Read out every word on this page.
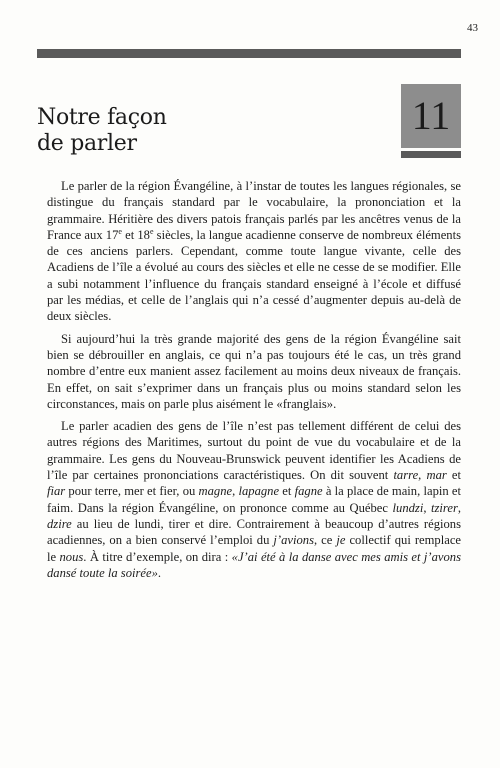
43
Notre façon
de parler
11

Le parler de la région Évangéline, à l’instar de toutes les langues régionales, se distingue du français standard par le vocabulaire, la prononciation et la grammaire. Héritière des divers patois français parlés par les ancêtres venus de la France aux 17e et 18e siècles, la langue acadienne conserve de nombreux éléments de ces anciens parlers. Cependant, comme toute langue vivante, celle des Acadiens de l’île a évolué au cours des siècles et elle ne cesse de se modifier. Elle a subi notamment l’influence du français standard enseigné à l’école et diffusé par les médias, et celle de l’anglais qui n’a cessé d’augmenter depuis au-delà de deux siècles.

Si aujourd’hui la très grande majorité des gens de la région Évangéline sait bien se débrouiller en anglais, ce qui n’a pas toujours été le cas, un très grand nombre d’entre eux manient assez facilement au moins deux niveaux de français. En effet, on sait s’exprimer dans un français plus ou moins standard selon les circonstances, mais on parle plus aisément le «franglais».

Le parler acadien des gens de l’île n’est pas tellement différent de celui des autres régions des Maritimes, surtout du point de vue du vocabulaire et de la grammaire. Les gens du Nouveau-Brunswick peuvent identifier les Acadiens de l’île par certaines prononciations caractéristiques. On dit souvent tarre, mar et fiar pour terre, mer et fier, ou magne, lapagne et fagne à la place de main, lapin et faim. Dans la région Évangéline, on prononce comme au Québec lundzi, tzirer, dzire au lieu de lundi, tirer et dire. Contrairement à beaucoup d’autres régions acadiennes, on a bien conservé l’emploi du j’avions, ce je collectif qui remplace le nous. À titre d’exemple, on dira : «J’ai été à la danse avec mes amis et j’avons dansé toute la soirée».
